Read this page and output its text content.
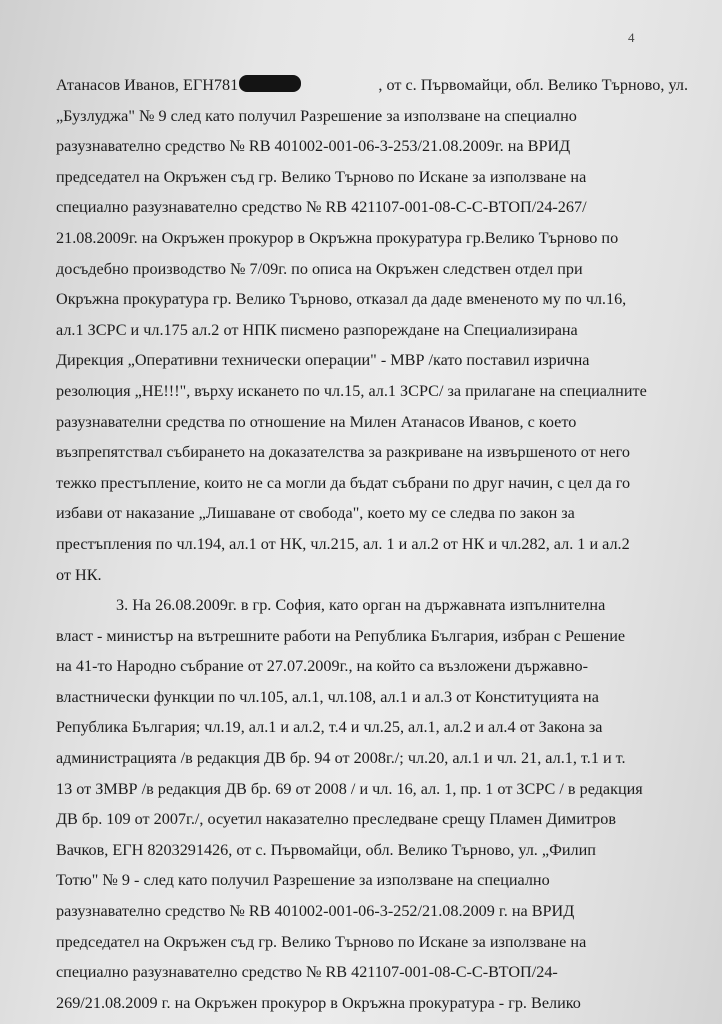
4
Атанасов Иванов, ЕГН781	, от с. Първомайци, обл. Велико Търново, ул.
„Бузлуджа" № 9 след като получил Разрешение за използване на специално
разузнавателно средство № RB 401002-001-06-3-253/21.08.2009г. на ВРИД
председател на Окръжен съд гр. Велико Търново по Искане за използване на
специално разузнавателно средство № RB 421107-001-08-С-С-ВТОП/24-267/
21.08.2009г. на Окръжен прокурор в Окръжна прокуратура гр.Велико Търново по
досъдебно производство № 7/09г. по описа на Окръжен следствен отдел при
Окръжна прокуратура гр. Велико Търново, отказал да даде вмененото му по чл.16,
ал.1 ЗСРС и чл.175 ал.2 от НПК писмено разпореждане на Специализирана
Дирекция „Оперативни технически операции" - МВР /като поставил изрична
резолюция „НЕ!!!", върху искането по чл.15, ал.1 ЗСРС/ за прилагане на специалните
разузнавателни средства по отношение на Милен Атанасов Иванов, с което
възпрепятствал събирането на доказателства за разкриване на извършеното от него
тежко престъпление, които не са могли да бъдат събрани по друг начин, с цел да го
избави от наказание „Лишаване от свобода", което му се следва по закон за
престъпления по чл.194, ал.1 от НК, чл.215, ал. 1 и ал.2 от НК и чл.282, ал. 1 и ал.2
от НК.
3. На 26.08.2009г. в гр. София, като орган на държавната изпълнителна
власт - министър на вътрешните работи на Република България, избран с Решение
на 41-то Народно събрание от 27.07.2009г., на който са възложени държавно-
властнически функции по чл.105, ал.1, чл.108, ал.1 и ал.3 от Конституцията на
Република България; чл.19, ал.1 и ал.2, т.4 и чл.25, ал.1, ал.2 и ал.4 от Закона за
администрацията /в редакция ДВ бр. 94 от 2008г./; чл.20, ал.1 и чл. 21, ал.1, т.1 и т.
13 от ЗМВР /в редакция ДВ бр. 69 от 2008 / и чл. 16, ал. 1, пр. 1 от ЗСРС / в редакция
ДВ бр. 109 от 2007г./, осуетил наказателно преследване срещу Пламен Димитров
Вачков, ЕГН 8203291426, от с. Първомайци, обл. Велико Търново, ул. „Филип
Тотю" № 9 - след като получил Разрешение за използване на специално
разузнавателно средство № RB 401002-001-06-3-252/21.08.2009 г. на ВРИД
председател на Окръжен съд гр. Велико Търново по Искане за използване на
специално разузнавателно средство № RB 421107-001-08-С-С-ВТОП/24-
269/21.08.2009 г. на Окръжен прокурор в Окръжна прокуратура - гр. Велико
